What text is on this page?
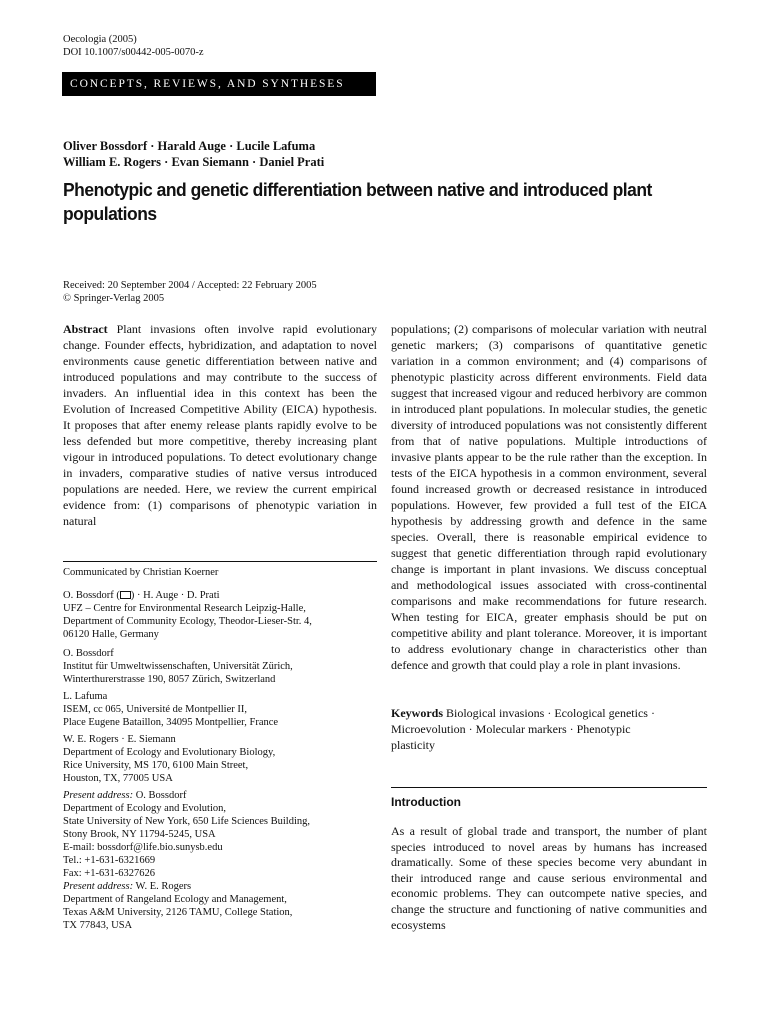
Oecologia (2005)
DOI 10.1007/s00442-005-0070-z
CONCEPTS, REVIEWS, AND SYNTHESES
Oliver Bossdorf · Harald Auge · Lucile Lafuma
William E. Rogers · Evan Siemann · Daniel Prati
Phenotypic and genetic differentiation between native and introduced plant populations
Received: 20 September 2004 / Accepted: 22 February 2005
© Springer-Verlag 2005

Abstract Plant invasions often involve rapid evolutionary change. Founder effects, hybridization, and adaptation to novel environments cause genetic differentiation between native and introduced populations and may contribute to the success of invaders. An influential idea in this context has been the Evolution of Increased Competitive Ability (EICA) hypothesis. It proposes that after enemy release plants rapidly evolve to be less defended but more competitive, thereby increasing plant vigour in introduced populations. To detect evolutionary change in invaders, comparative studies of native versus introduced populations are needed. Here, we review the current empirical evidence from: (1) comparisons of phenotypic variation in natural

populations; (2) comparisons of molecular variation with neutral genetic markers; (3) comparisons of quantitative genetic variation in a common environment; and (4) comparisons of phenotypic plasticity across different environments. Field data suggest that increased vigour and reduced herbivory are common in introduced plant populations. In molecular studies, the genetic diversity of introduced populations was not consistently different from that of native populations. Multiple introductions of invasive plants appear to be the rule rather than the exception. In tests of the EICA hypothesis in a common environment, several found increased growth or decreased resistance in introduced populations. However, few provided a full test of the EICA hypothesis by addressing growth and defence in the same species. Overall, there is reasonable empirical evidence to suggest that genetic differentiation through rapid evolutionary change is important in plant invasions. We discuss conceptual and methodological issues associated with cross-continental comparisons and make recommendations for future research. When testing for EICA, greater emphasis should be put on competitive ability and plant tolerance. Moreover, it is important to address evolutionary change in characteristics other than defence and growth that could play a role in plant invasions.

Communicated by Christian Koerner
O. Bossdorf ( ) · H. Auge · D. Prati
UFZ – Centre for Environmental Research Leipzig-Halle,
Department of Community Ecology, Theodor-Lieser-Str. 4,
06120 Halle, Germany
O. Bossdorf
Institut für Umweltwissenschaften, Universität Zürich,
Winterthurerstrasse 190, 8057 Zürich, Switzerland
L. Lafuma
ISEM, cc 065, Université de Montpellier II,
Place Eugene Bataillon, 34095 Montpellier, France
W. E. Rogers · E. Siemann
Department of Ecology and Evolutionary Biology,
Rice University, MS 170, 6100 Main Street,
Houston, TX, 77005 USA
Present address: O. Bossdorf
Department of Ecology and Evolution,
State University of New York, 650 Life Sciences Building,
Stony Brook, NY 11794-5245, USA
E-mail: bossdorf@life.bio.sunysb.edu
Tel.: +1-631-6321669
Fax: +1-631-6327626
Present address: W. E. Rogers
Department of Rangeland Ecology and Management,
Texas A&M University, 2126 TAMU, College Station,
TX 77843, USA
Keywords Biological invasions · Ecological genetics ·
Microevolution · Molecular markers · Phenotypic
plasticity
Introduction

As a result of global trade and transport, the number of plant species introduced to novel areas by humans has increased dramatically. Some of these species become very abundant in their introduced range and cause serious environmental and economic problems. They can outcompete native species, and change the structure and functioning of native communities and ecosystems
